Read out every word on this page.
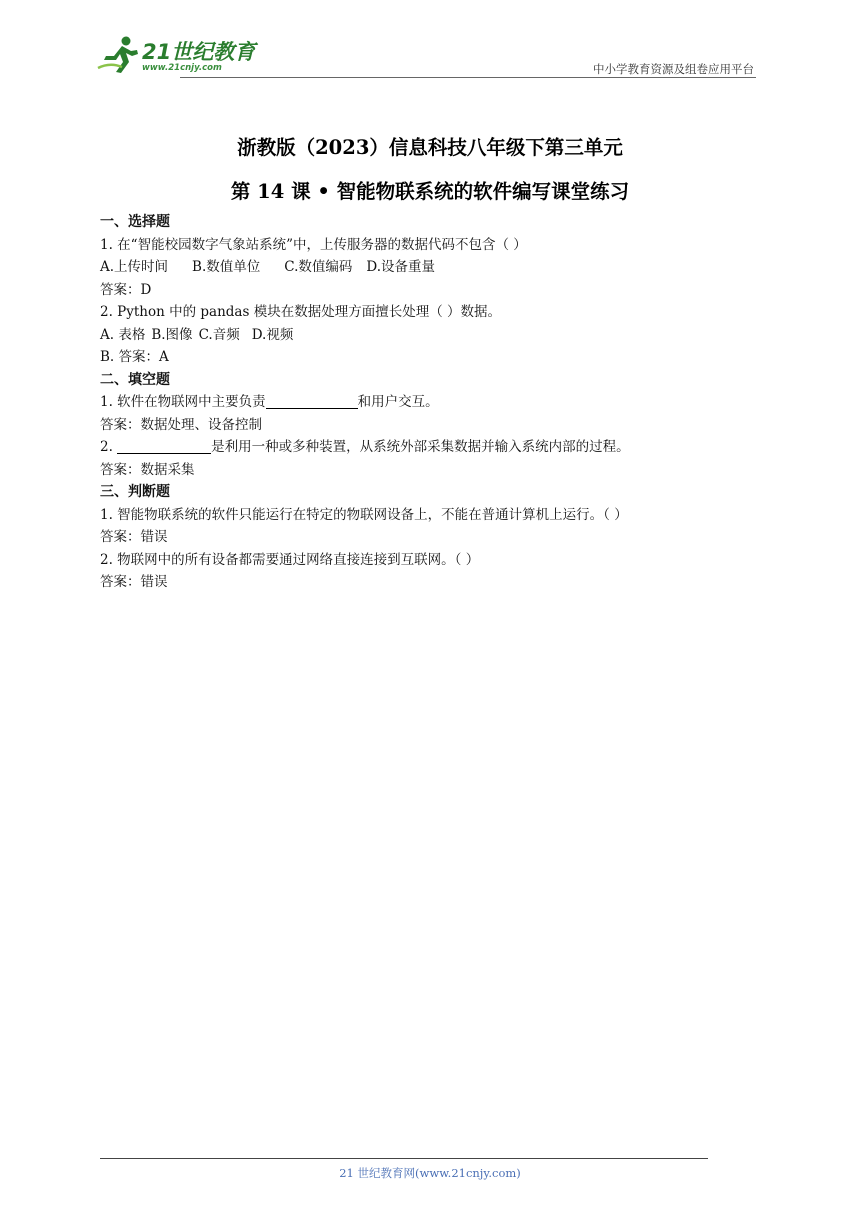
21世纪教育
www.21cnjy.com	中小学教育资源及组卷应用平台
浙教版（2023）信息科技八年级下第三单元
第 14 课 • 智能物联系统的软件编写课堂练习
一、选择题
1. 在“智能校园数字气象站系统”中，上传服务器的数据代码不包含（ ）
A.上传时间 B.数值单位 C.数值编码 D.设备重量
答案：D
2. Python 中的 pandas 模块在数据处理方面擅长处理（ ）数据。
A. 表格 B.图像 C.音频 D.视频
B. 答案：A
二、填空题
1. 软件在物联网中主要负责	和用户交互。
答案：数据处理、设备控制
2.	是利用一种或多种装置，从系统外部采集数据并输入系统内部的过程。
答案：数据采集
三、判断题
1. 智能物联系统的软件只能运行在特定的物联网设备上，不能在普通计算机上运行。（ ）
答案：错误
2. 物联网中的所有设备都需要通过网络直接连接到互联网。（ ）
答案：错误
21 世纪教育网(www.21cnjy.com)
